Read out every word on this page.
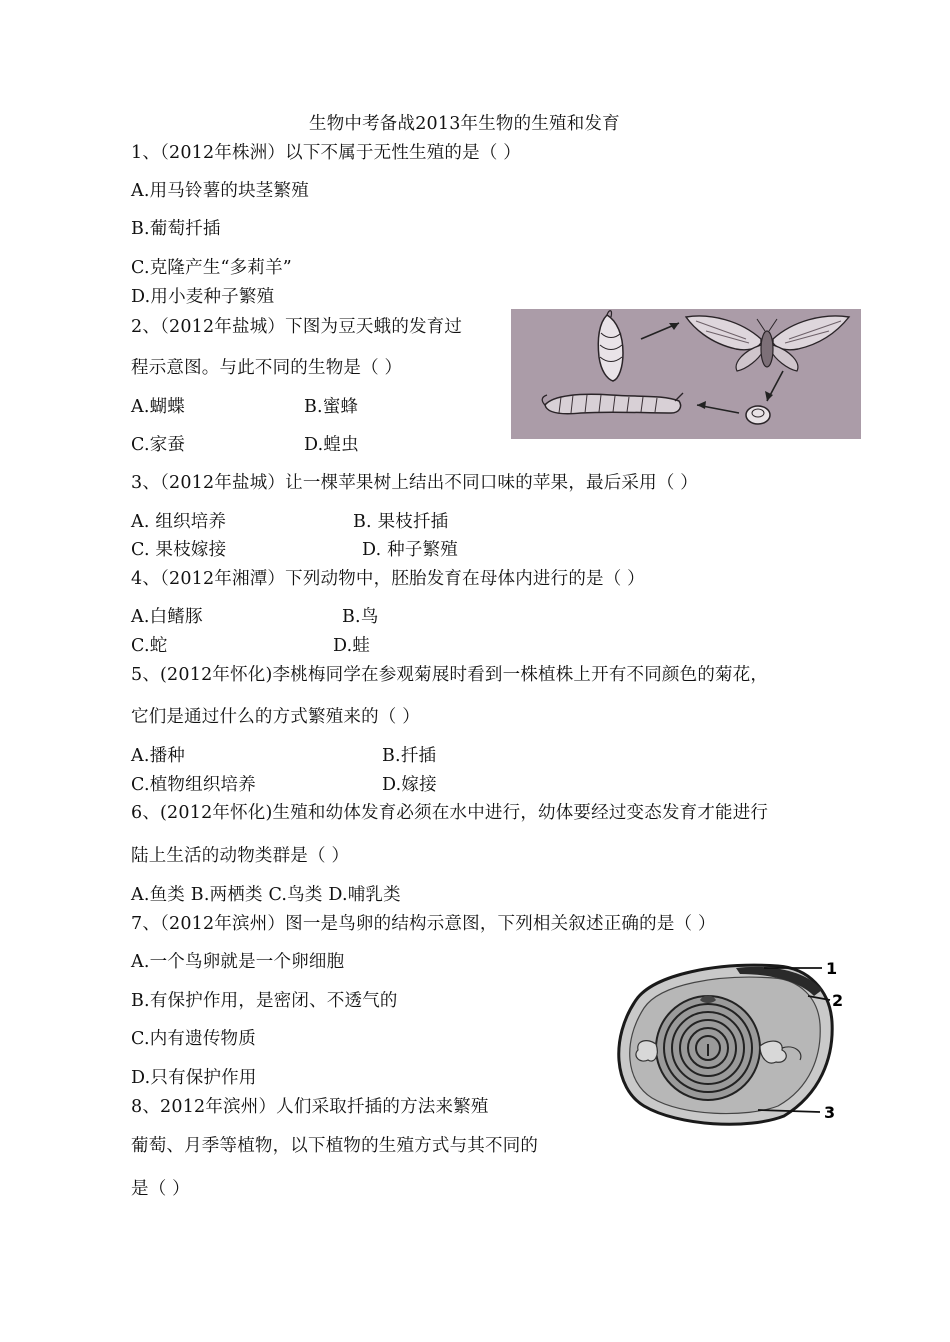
生物中考备战2013年生物的生殖和发育
1、（2012年株洲）以下不属于无性生殖的是（ ）
A.用马铃薯的块茎繁殖
B.葡萄扦插
C.克隆产生“多莉羊”
D.用小麦种子繁殖
2、（2012年盐城）下图为豆天蛾的发育过
程示意图。与此不同的生物是（ ）
A.蝴蝶	B.蜜蜂
C.家蚕	D.蝗虫
3、（2012年盐城）让一棵苹果树上结出不同口味的苹果，最后采用（ ）
A. 组织培养	B. 果枝扦插
C. 果枝嫁接	D. 种子繁殖
4、（2012年湘潭）下列动物中，胚胎发育在母体内进行的是（ ）
A.白鳍豚	B.鸟
C.蛇	D.蛙
5、(2012年怀化)李桃梅同学在参观菊展时看到一株植株上开有不同颜色的菊花，
它们是通过什么的方式繁殖来的（ ）
A.播种	B.扦插
C.植物组织培养	D.嫁接
6、(2012年怀化)生殖和幼体发育必须在水中进行，幼体要经过变态发育才能进行
陆上生活的动物类群是（ ）
A.鱼类 B.两栖类 C.鸟类 D.哺乳类
7、（2012年滨州）图一是鸟卵的结构示意图，下列相关叙述正确的是（ ）
A.一个鸟卵就是一个卵细胞
B.有保护作用，是密闭、不透气的
C.内有遗传物质
D.只有保护作用
1
2
3
8、2012年滨州）人们采取扦插的方法来繁殖
葡萄、月季等植物，以下植物的生殖方式与其不同的
是（ ）
